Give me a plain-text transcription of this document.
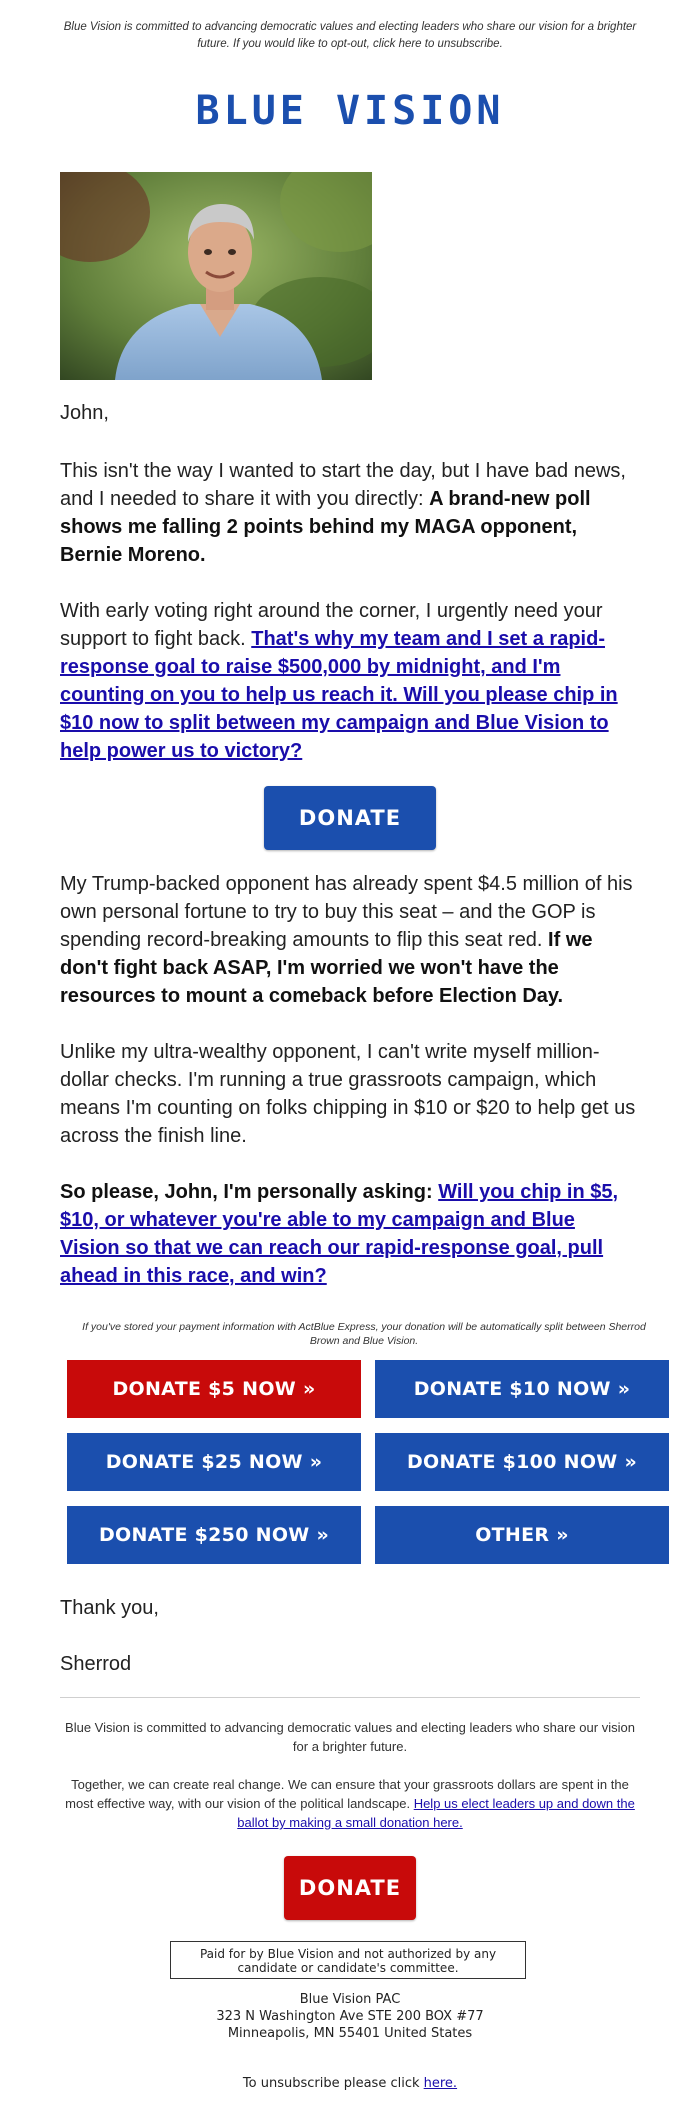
Blue Vision is committed to advancing democratic values and electing leaders who share our vision for a brighter future. If you would like to opt-out, click here to unsubscribe.
BLUE VISION
John,
This isn't the way I wanted to start the day, but I have bad news, and I needed to share it with you directly: A brand-new poll shows me falling 2 points behind my MAGA opponent, Bernie Moreno.
With early voting right around the corner, I urgently need your support to fight back. That's why my team and I set a rapid-response goal to raise $500,000 by midnight, and I'm counting on you to help us reach it. Will you please chip in $10 now to split between my campaign and Blue Vision to help power us to victory?
DONATE
My Trump-backed opponent has already spent $4.5 million of his own personal fortune to try to buy this seat – and the GOP is spending record-breaking amounts to flip this seat red. If we don't fight back ASAP, I'm worried we won't have the resources to mount a comeback before Election Day.
Unlike my ultra-wealthy opponent, I can't write myself million-dollar checks. I'm running a true grassroots campaign, which means I'm counting on folks chipping in $10 or $20 to help get us across the finish line.
So please, John, I'm personally asking: Will you chip in $5, $10, or whatever you're able to my campaign and Blue Vision so that we can reach our rapid-response goal, pull ahead in this race, and win?
If you've stored your payment information with ActBlue Express, your donation will be automatically split between Sherrod Brown and Blue Vision.
DONATE $5 NOW »	DONATE $10 NOW »
DONATE $25 NOW »	DONATE $100 NOW »
DONATE $250 NOW »	OTHER »
Thank you,
Sherrod
Blue Vision is committed to advancing democratic values and electing leaders who share our vision for a brighter future.
Together, we can create real change. We can ensure that your grassroots dollars are spent in the most effective way, with our vision of the political landscape. Help us elect leaders up and down the ballot by making a small donation here.
DONATE
Paid for by Blue Vision and not authorized by any candidate or candidate's committee.
Blue Vision PAC
323 N Washington Ave STE 200 BOX #77
Minneapolis, MN 55401 United States
To unsubscribe please click here.
